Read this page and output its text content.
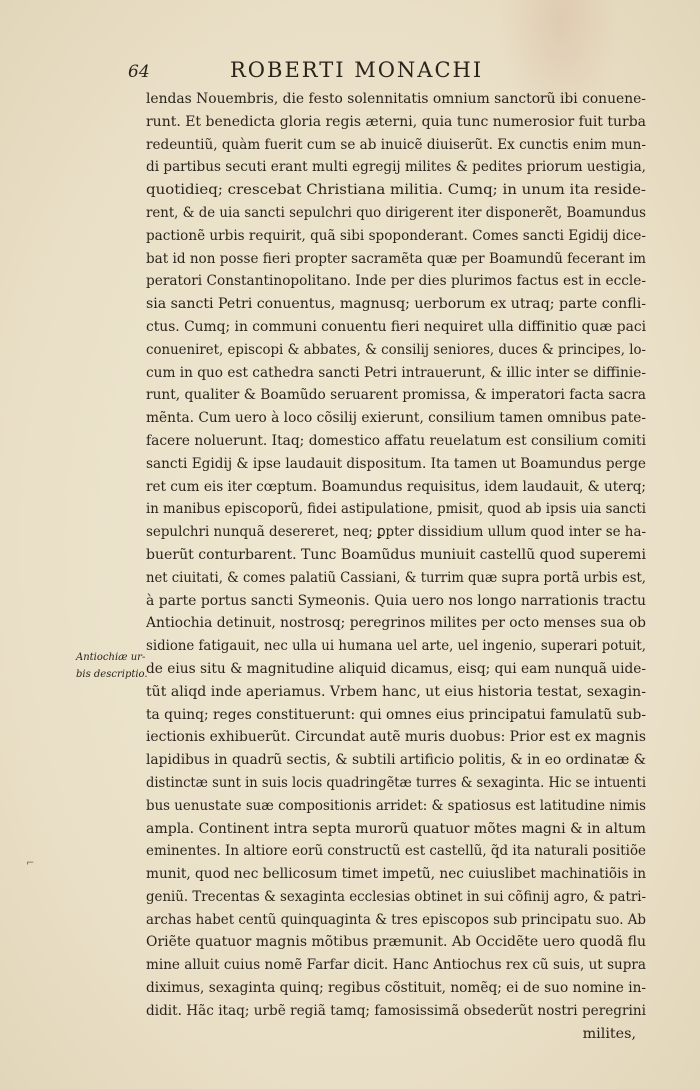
64	ROBERTI MONACHI
Antiochiæ ur-
bis descriptio.
⌐
lendas Nouembris, die festo solennitatis omnium sanctorũ ibi conuene-
runt. Et benedicta gloria regis æterni, quia tunc numerosior fuit turba
redeuntiũ, quàm fuerit cum se ab inuicẽ diuiserũt. Ex cunctis enim mun-
di partibus secuti erant multi egregij milites & pedites priorum uestigia,
quotidieq; crescebat Christiana militia. Cumq; in unum ita reside-
rent, & de uia sancti sepulchri quo dirigerent iter disponerẽt, Boamundus
pactionẽ urbis requirit, quã sibi spoponderant. Comes sancti Egidij dice-
bat id non posse fieri propter sacramẽta quæ per Boamundũ fecerant im
peratori Constantinopolitano. Inde per dies plurimos factus est in eccle-
sia sancti Petri conuentus, magnusq; uerborum ex utraq; parte confli-
ctus. Cumq; in communi conuentu fieri nequiret ulla diffinitio quæ paci
conueniret, episcopi & abbates, & consilij seniores, duces & principes, lo-
cum in quo est cathedra sancti Petri intrauerunt, & illic inter se diffinie-
runt, qualiter & Boamũdo seruarent promissa, & imperatori facta sacra
mẽnta. Cum uero à loco cõsilij exierunt, consilium tamen omnibus pate-
facere noluerunt. Itaq; domestico affatu reuelatum est consilium comiti
sancti Egidij & ipse laudauit dispositum. Ita tamen ut Boamundus perge
ret cum eis iter cœptum. Boamundus requisitus, idem laudauit, & uterq;
in manibus episcoporũ, fidei astipulatione, pmisit, quod ab ipsis uia sancti
sepulchri nunquã desereret, neq; ꝑpter dissidium ullum quod inter se ha-
buerũt conturbarent. Tunc Boamũdus muniuit castellũ quod superemi
net ciuitati, & comes palatiũ Cassiani, & turrim quæ supra portã urbis est,
à parte portus sancti Symeonis. Quia uero nos longo narrationis tractu
Antiochia detinuit, nostrosq; peregrinos milites per octo menses sua ob
sidione fatigauit, nec ulla ui humana uel arte, uel ingenio, superari potuit,
de eius situ & magnitudine aliquid dicamus, eisq; qui eam nunquã uide-
tũt aliqd inde aperiamus. Vrbem hanc, ut eius historia testat, sexagin-
ta quinq; reges constituerunt: qui omnes eius principatui famulatũ sub-
iectionis exhibuerũt. Circundat autẽ muris duobus: Prior est ex magnis
lapidibus in quadrũ sectis, & subtili artificio politis, & in eo ordinatæ &
distinctæ sunt in suis locis quadringẽtæ turres & sexaginta. Hic se intuenti
bus uenustate suæ compositionis arridet: & spatiosus est latitudine nimis
ampla. Continent intra septa murorũ quatuor mõtes magni & in altum
eminentes. In altiore eorũ constructũ est castellũ, q̃d ita naturali positiõe
munit, quod nec bellicosum timet impetũ, nec cuiuslibet machinatiõis in
geniũ. Trecentas & sexaginta ecclesias obtinet in sui cõfinij agro, & patri-
archas habet centũ quinquaginta & tres episcopos sub principatu suo. Ab
Oriẽte quatuor magnis mõtibus præmunit. Ab Occidẽte uero quodã flu
mine alluit cuius nomẽ Farfar dicit. Hanc Antiochus rex cũ suis, ut supra
diximus, sexaginta quinq; regibus cõstituit, nomẽq; ei de suo nomine in-
didit. Hãc itaq; urbẽ regiã tamq; famosissimã obsederũt nostri peregrini
milites,
